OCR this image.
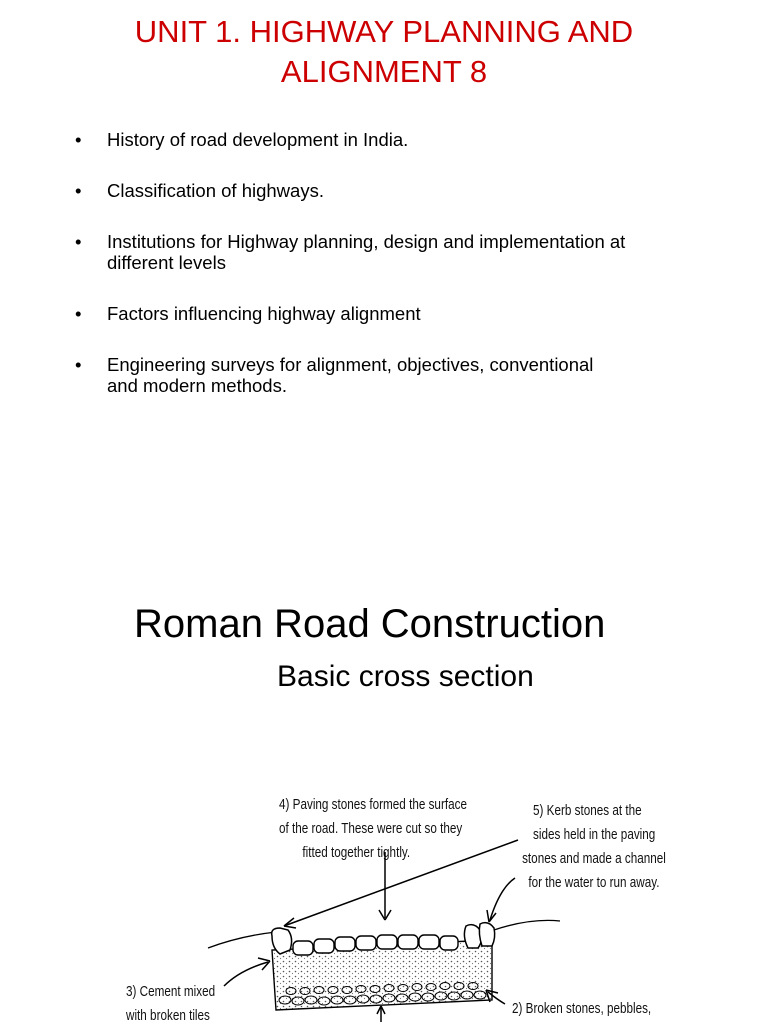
UNIT 1. HIGHWAY PLANNING AND
ALIGNMENT 8
•	History of road development in India.
•	Classification of highways.
•	Institutions for Highway planning, design and implementation at
different levels
•	Factors influencing highway alignment
•	Engineering surveys for alignment, objectives, conventional
and modern methods.
Roman Road Construction
Basic cross section
4) Paving stones formed the surface
of the road. These were cut so they
fitted together tightly.
5) Kerb stones at the
sides held in the paving
stones and made a channel
for the water to run away.
3) Cement mixed
with broken tiles	2) Broken stones, pebbles,
